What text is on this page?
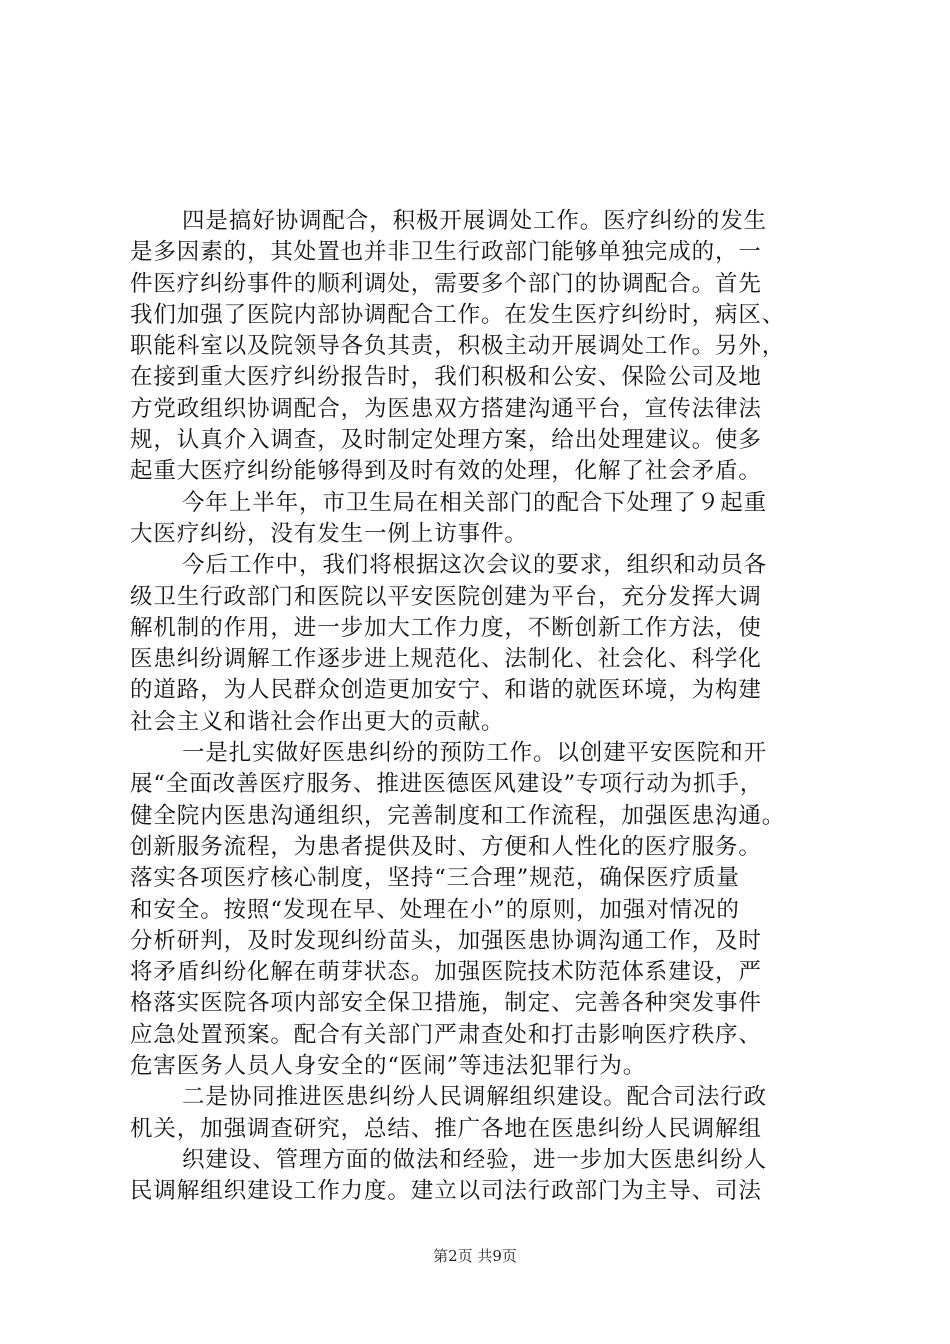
四是搞好协调配合，积极开展调处工作。医疗纠纷的发生
是多因素的，其处置也并非卫生行政部门能够单独完成的，一
件医疗纠纷事件的顺利调处，需要多个部门的协调配合。首先
我们加强了医院内部协调配合工作。在发生医疗纠纷时，病区、
职能科室以及院领导各负其责，积极主动开展调处工作。另外，
在接到重大医疗纠纷报告时，我们积极和公安、保险公司及地
方党政组织协调配合，为医患双方搭建沟通平台，宣传法律法
规，认真介入调查，及时制定处理方案，给出处理建议。使多
起重大医疗纠纷能够得到及时有效的处理，化解了社会矛盾。
今年上半年，市卫生局在相关部门的配合下处理了９起重
大医疗纠纷，没有发生一例上访事件。
今后工作中，我们将根据这次会议的要求，组织和动员各
级卫生行政部门和医院以平安医院创建为平台，充分发挥大调
解机制的作用，进一步加大工作力度，不断创新工作方法，使
医患纠纷调解工作逐步进上规范化、法制化、社会化、科学化
的道路，为人民群众创造更加安宁、和谐的就医环境，为构建
社会主义和谐社会作出更大的贡献。
一是扎实做好医患纠纷的预防工作。以创建平安医院和开
展“全面改善医疗服务、推进医德医风建设”专项行动为抓手，
健全院内医患沟通组织，完善制度和工作流程，加强医患沟通。
创新服务流程，为患者提供及时、方便和人性化的医疗服务。
落实各项医疗核心制度，坚持“三合理”规范，确保医疗质量
和安全。按照“发现在早、处理在小”的原则，加强对情况的
分析研判，及时发现纠纷苗头，加强医患协调沟通工作，及时
将矛盾纠纷化解在萌芽状态。加强医院技术防范体系建设，严
格落实医院各项内部安全保卫措施，制定、完善各种突发事件
应急处置预案。配合有关部门严肃查处和打击影响医疗秩序、
危害医务人员人身安全的“医闹”等违法犯罪行为。
二是协同推进医患纠纷人民调解组织建设。配合司法行政
机关，加强调查研究，总结、推广各地在医患纠纷人民调解组
织建设、管理方面的做法和经验，进一步加大医患纠纷人
民调解组织建设工作力度。建立以司法行政部门为主导、司法
第2页 共9页
